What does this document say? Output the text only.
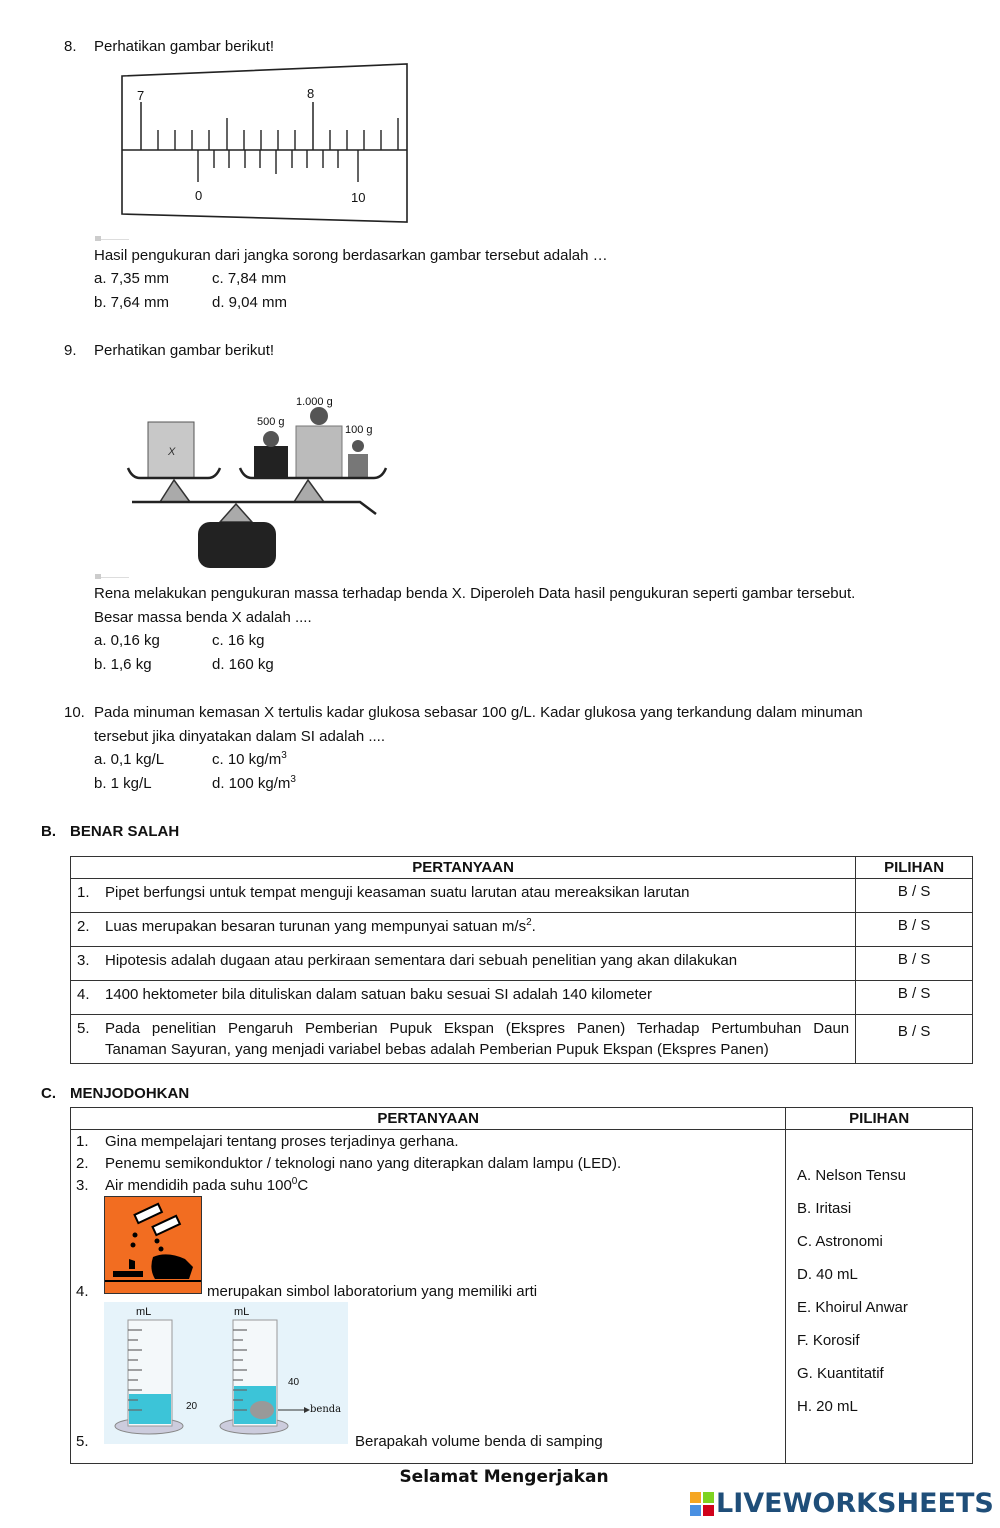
8. Perhatikan gambar berikut!
7	8
0	10
Hasil pengukuran dari jangka sorong berdasarkan gambar tersebut adalah …
a. 7,35 mm	c. 7,84 mm
b. 7,64 mm	d. 9,04 mm
9. Perhatikan gambar berikut!
X
1.000 g
500 g
100 g
Rena melakukan pengukuran massa terhadap benda X. Diperoleh Data hasil pengukuran seperti gambar tersebut.
Besar massa benda X adalah ....
a. 0,16 kg	c. 16 kg
b. 1,6 kg	d. 160 kg
10. Pada minuman kemasan X tertulis kadar glukosa sebasar 100 g/L. Kadar glukosa yang terkandung dalam minuman
tersebut jika dinyatakan dalam SI adalah ....
a. 0,1 kg/L	c. 10 $kg/m^3$
b. 1 kg/L	d. 100 $kg/m^3$
B. BENAR SALAH
PERTANYAAN	PILIHAN

1. Pipet berfungsi untuk tempat menguji keasaman suatu larutan atau mereaksikan larutan	B / S

2. Luas merupakan besaran turunan yang mempunyai satuan $m/s^2$.	B / S

3. Hipotesis adalah dugaan atau perkiraan sementara dari sebuah penelitian yang akan dilakukan	B / S

4. 1400 hektometer bila dituliskan dalam satuan baku sesuai SI adalah 140 kilometer	B / S

5. Pada penelitian Pengaruh Pemberian Pupuk Ekspan (Ekspres Panen) Terhadap Pertumbuhan Daun
Tanaman Sayuran, yang menjadi variabel bebas adalah Pemberian Pupuk Ekspan (Ekspres Panen)	B / S
C. MENJODOHKAN
PERTANYAAN	PILIHAN

1. Gina mempelajari tentang proses terjadinya gerhana.
2. Penemu semikonduktor / teknologi nano yang diterapkan dalam lampu (LED).
3. Air mendidih pada suhu $100^0C$
4.	merupakan simbol laboratorium yang memiliki arti
mL	mL
20
40
benda
5.	Berapakah volume benda di samping
A. Nelson Tensu
B. Iritasi
C. Astronomi
D. 40 mL
E. Khoirul Anwar
F. Korosif
G. Kuantitatif
H. 20 mL
Selamat Mengerjakan
LIVEWORKSHEETS
